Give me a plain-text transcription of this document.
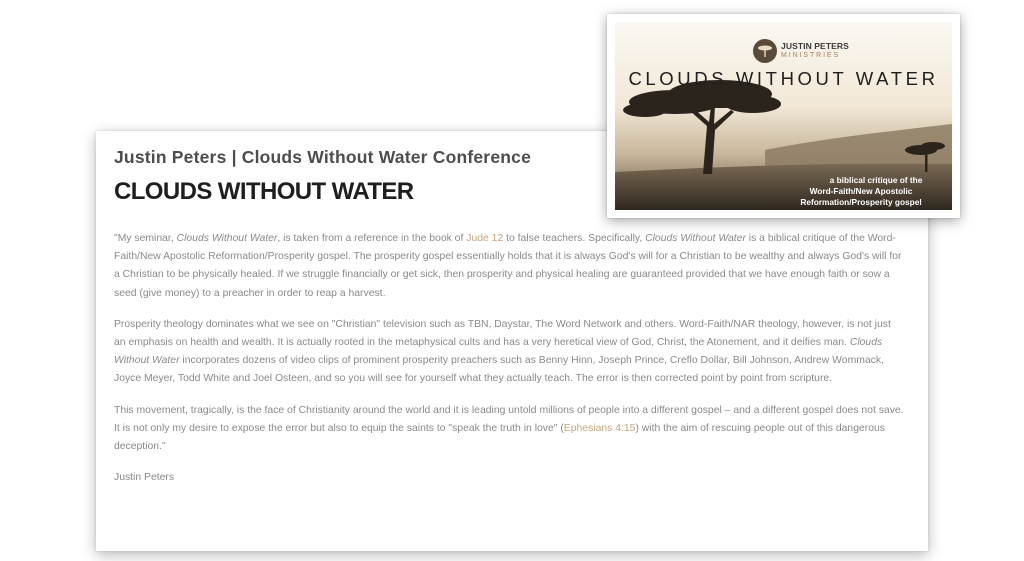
Justin Peters | Clouds Without Water Conference
CLOUDS WITHOUT WATER

"My seminar, Clouds Without Water, is taken from a reference in the book of Jude 12 to false teachers. Specifically, Clouds Without Water is a biblical critique of the Word-Faith/New Apostolic Reformation/Prosperity gospel. The prosperity gospel essentially holds that it is always God's will for a Christian to be wealthy and always God's will for a Christian to be physically healed. If we struggle financially or get sick, then prosperity and physical healing are guaranteed provided that we have enough faith or sow a seed (give money) to a preacher in order to reap a harvest.

Prosperity theology dominates what we see on "Christian" television such as TBN, Daystar, The Word Network and others. Word-Faith/NAR theology, however, is not just an emphasis on health and wealth. It is actually rooted in the metaphysical cults and has a very heretical view of God, Christ, the Atonement, and it deifies man. Clouds Without Water incorporates dozens of video clips of prominent prosperity preachers such as Benny Hinn, Joseph Prince, Creflo Dollar, Bill Johnson, Andrew Wommack, Joyce Meyer, Todd White and Joel Osteen, and so you will see for yourself what they actually teach. The error is then corrected point by point from scripture.

This movement, tragically, is the face of Christianity around the world and it is leading untold millions of people into a different gospel – and a different gospel does not save. It is not only my desire to expose the error but also to equip the saints to "speak the truth in love" (Ephesians 4:15) with the aim of rescuing people out of this dangerous deception."

Justin Peters

JUSTIN PETERS
MINISTRIES
CLOUDS WITHOUT WATER
a biblical critique of the
Word-Faith/New Apostolic Reformation/Prosperity gospel
